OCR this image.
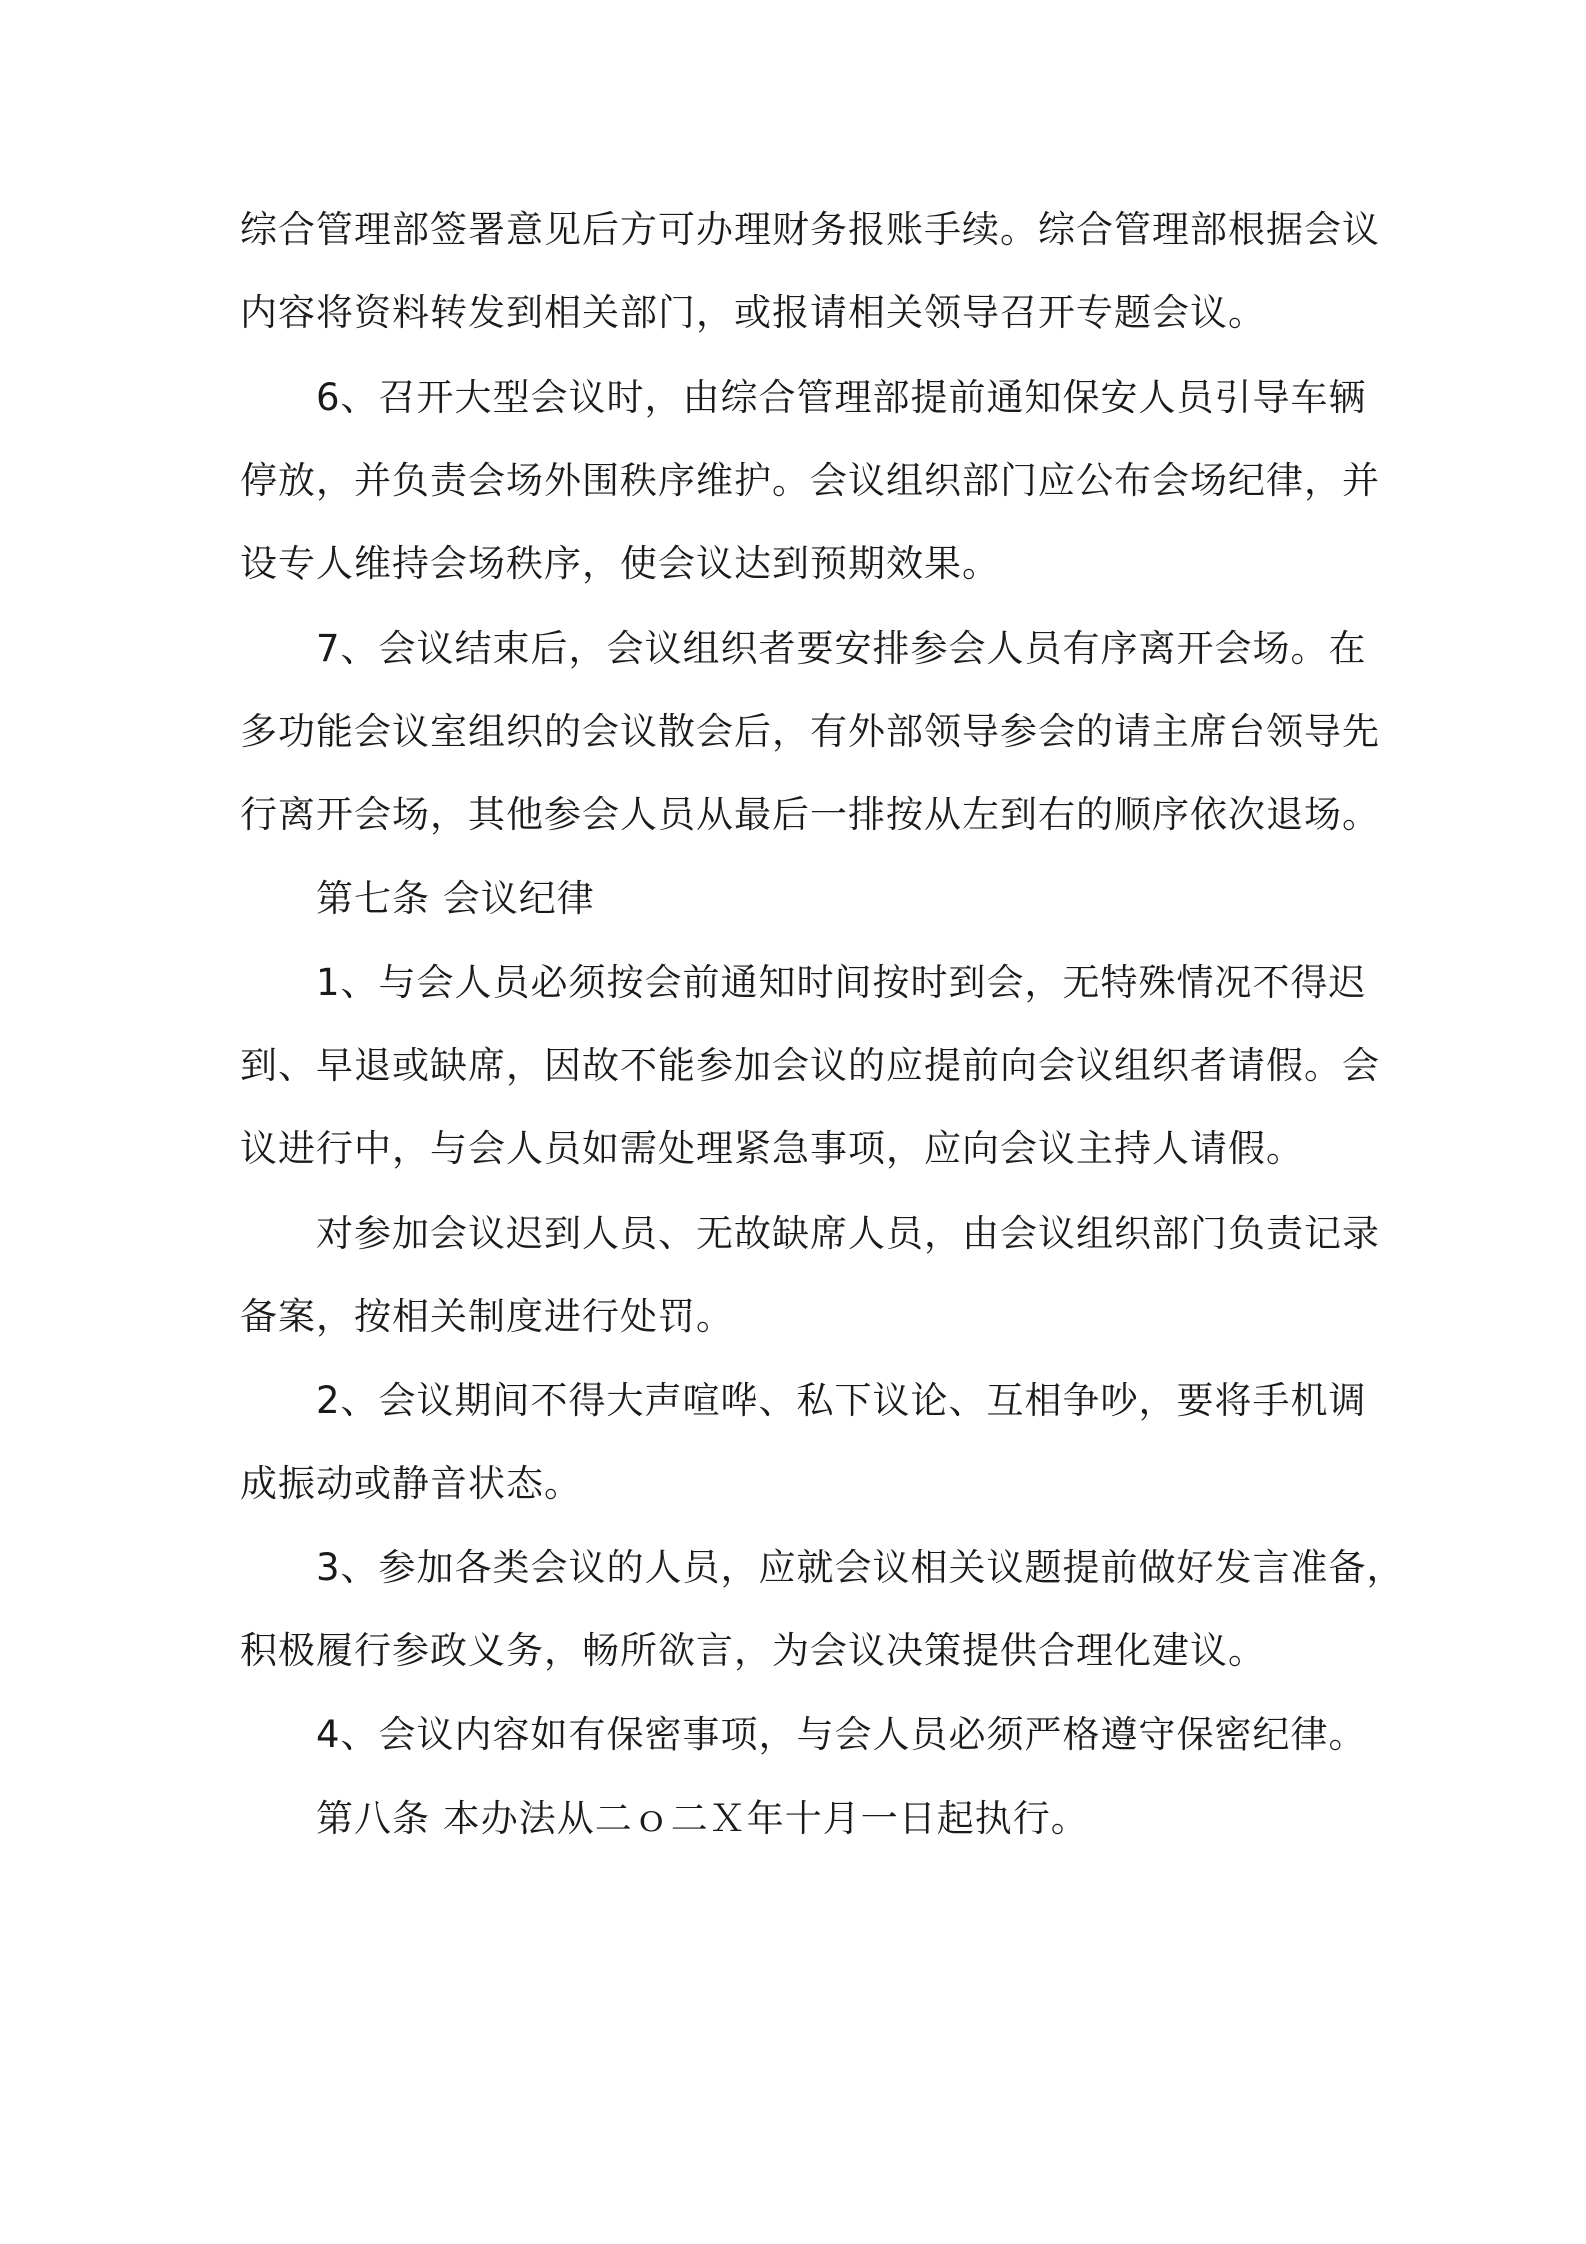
综合管理部签署意见后方可办理财务报账手续。综合管理部根据会议
内容将资料转发到相关部门，或报请相关领导召开专题会议。
6、召开大型会议时，由综合管理部提前通知保安人员引导车辆
停放，并负责会场外围秩序维护。会议组织部门应公布会场纪律，并
设专人维持会场秩序，使会议达到预期效果。
7、会议结束后，会议组织者要安排参会人员有序离开会场。在
多功能会议室组织的会议散会后，有外部领导参会的请主席台领导先
行离开会场，其他参会人员从最后一排按从左到右的顺序依次退场。
第七条 会议纪律
1、与会人员必须按会前通知时间按时到会，无特殊情况不得迟
到、早退或缺席，因故不能参加会议的应提前向会议组织者请假。会
议进行中，与会人员如需处理紧急事项，应向会议主持人请假。
对参加会议迟到人员、无故缺席人员，由会议组织部门负责记录
备案，按相关制度进行处罚。
2、会议期间不得大声喧哗、私下议论、互相争吵，要将手机调
成振动或静音状态。
3、参加各类会议的人员，应就会议相关议题提前做好发言准备，
积极履行参政义务，畅所欲言，为会议决策提供合理化建议。
4、会议内容如有保密事项，与会人员必须严格遵守保密纪律。
第八条 本办法从二ｏ二Ｘ年十月一日起执行。
